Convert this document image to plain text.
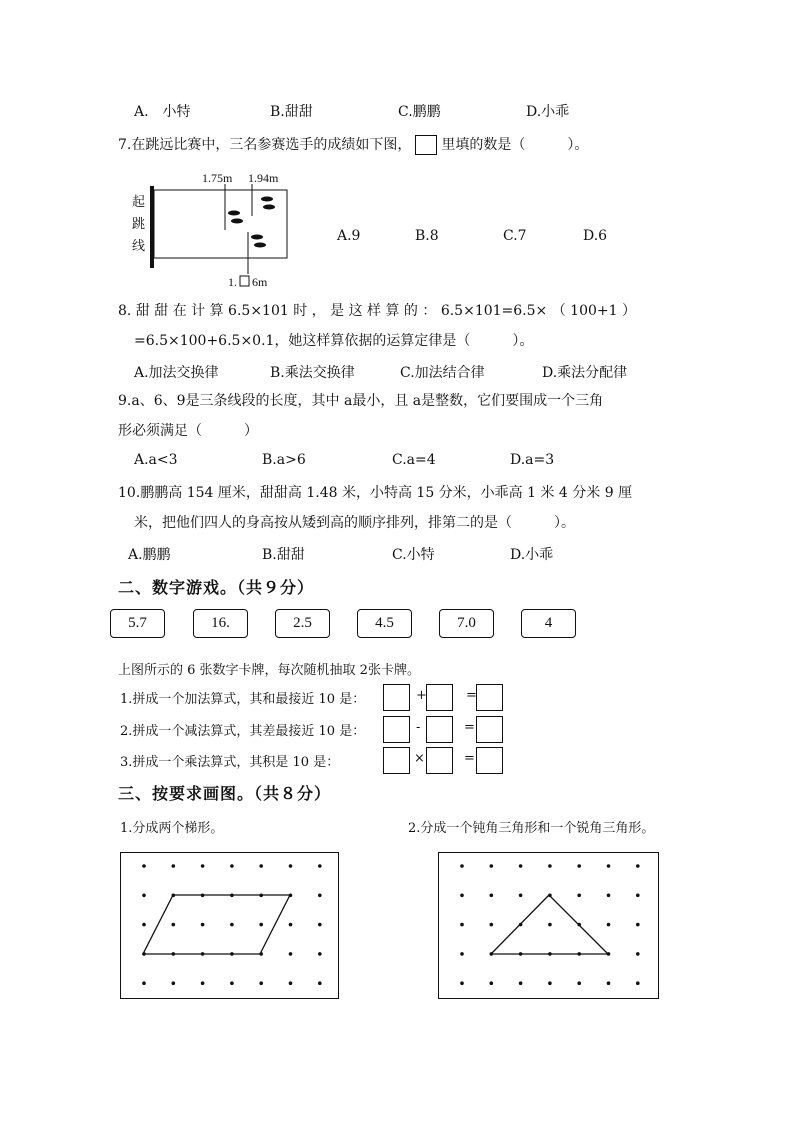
A.　小特	B.甜甜	C.鹏鹏	D.小乖
7.在跳远比赛中，三名参赛选手的成绩如下图， 里填的数是（　　　）。
起
跳
线
1.75m 1.94m
1. 6m
A.9	B.8	C.7	D.6
8. 甜 甜 在 计 算 6.5×101 时 ， 是 这 样 算 的 ： 6.5×101=6.5× （ 100+1 ）
=6.5×100+6.5×0.1，她这样算依据的运算定律是（　　　）。
A.加法交换律	B.乘法交换律	C.加法结合律	D.乘法分配律
9.a、6、9是三条线段的长度，其中 a最小，且 a是整数，它们要围成一个三角
形必须满足（　　　）
A.a<3	B.a>6	C.a=4	D.a=3
10.鹏鹏高 154 厘米，甜甜高 1.48 米，小特高 15 分米，小乖高 1 米 4 分米 9 厘
米，把他们四人的身高按从矮到高的顺序排列，排第二的是（　　　）。
A.鹏鹏	B.甜甜	C.小特	D.小乖
二、数字游戏。（共９分）
5.7	16.	2.5	4.5	7.0	4
上图所示的 6 张数字卡牌，每次随机抽取 2张卡牌。
1.拼成一个加法算式，其和最接近 10 是：	+	=
2.拼成一个减法算式，其差最接近 10 是：	-	=
3.拼成一个乘法算式，其积是 10 是：	×	=
三、按要求画图。（共８分）
1.分成两个梯形。	2.分成一个钝角三角形和一个锐角三角形。
